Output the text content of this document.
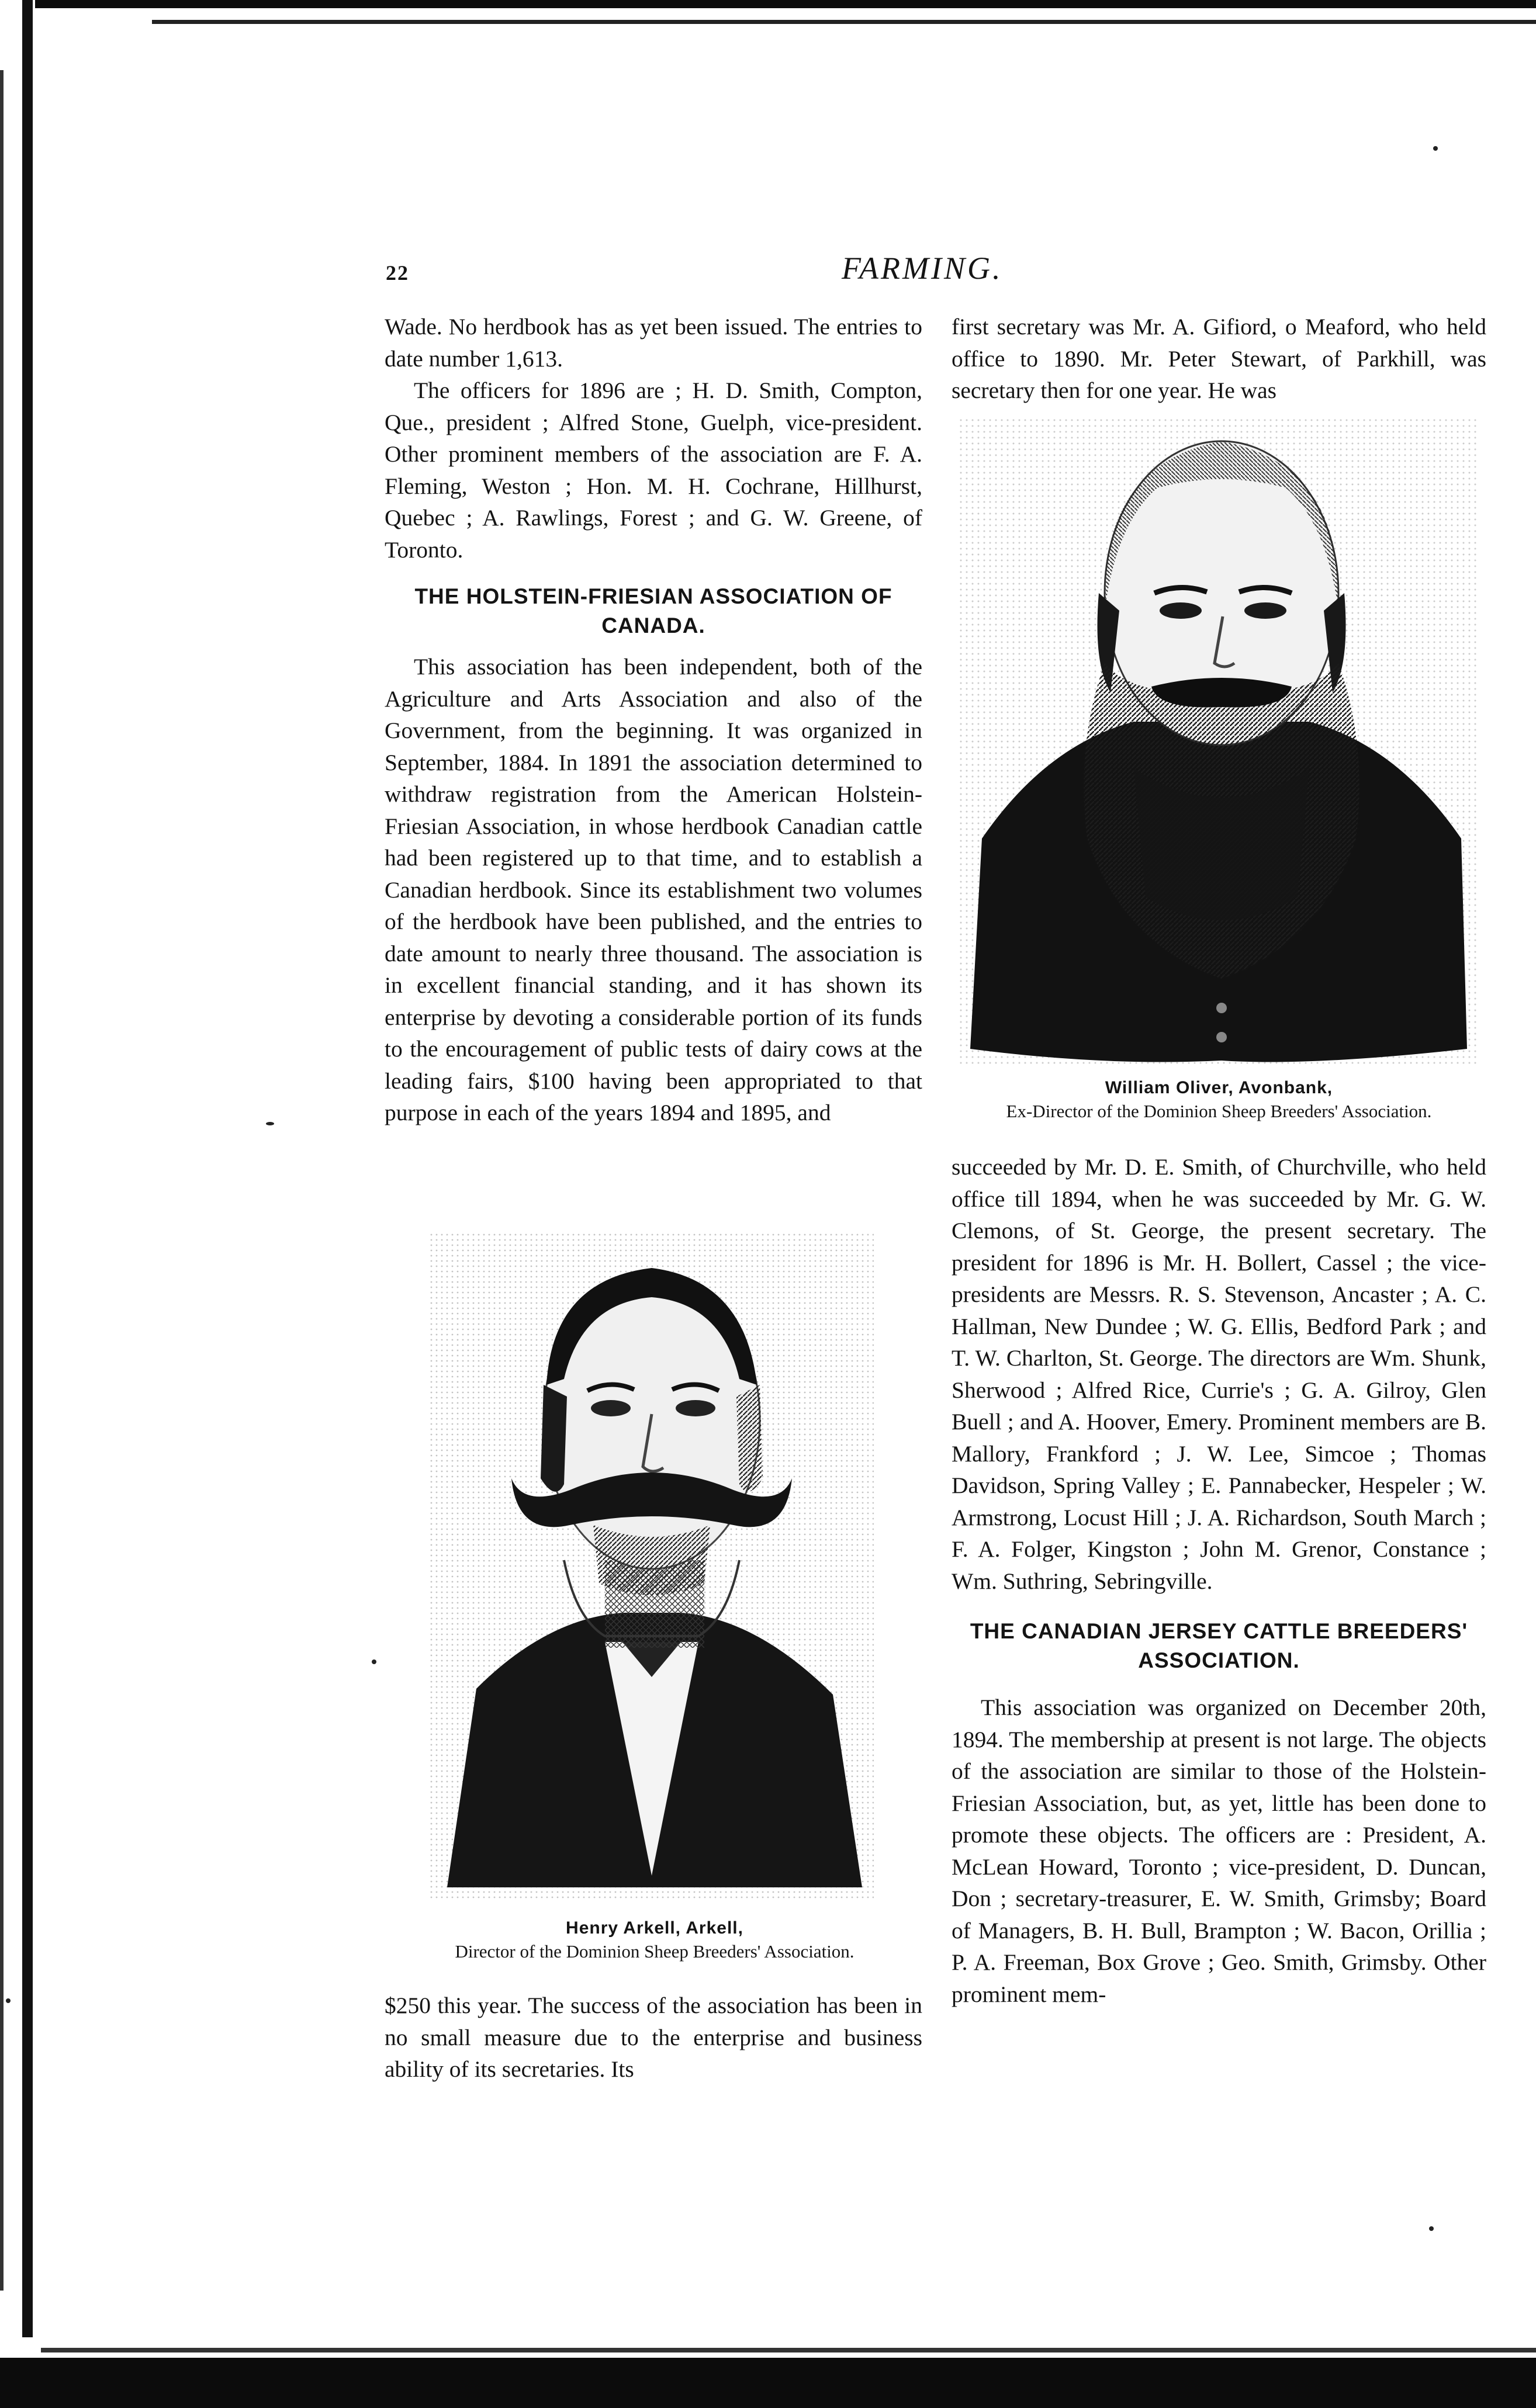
22	FARMING.

Wade. No herdbook has as yet been issued. The entries to date number 1,613.

The officers for 1896 are ; H. D. Smith, Compton, Que., president ; Alfred Stone, Guelph, vice-president. Other prominent members of the association are F. A. Fleming, Weston ; Hon. M. H. Cochrane, Hillhurst, Quebec ; A. Rawlings, Forest ; and G. W. Greene, of Toronto.

THE HOLSTEIN-FRIESIAN ASSOCIATION OF CANADA.

This association has been independent, both of the Agriculture and Arts Association and also of the Government, from the beginning. It was organized in September, 1884. In 1891 the association determined to withdraw registration from the American Holstein-Friesian Association, in whose herdbook Canadian cattle had been registered up to that time, and to establish a Canadian herdbook. Since its establishment two volumes of the herdbook have been published, and the entries to date amount to nearly three thousand. The association is in excellent financial standing, and it has shown its enterprise by devoting a considerable portion of its funds to the encouragement of public tests of dairy cows at the leading fairs, $100 having been appropriated to that purpose in each of the years 1894 and 1895, and

Henry Arkell, Arkell,
Director of the Dominion Sheep Breeders' Association.

$250 this year. The success of the association has been in no small measure due to the enterprise and business ability of its secretaries. Its

first secretary was Mr. A. Gifiord, o Meaford, who held office to 1890. Mr. Peter Stewart, of Parkhill, was secretary then for one year. He was

William Oliver, Avonbank,
Ex-Director of the Dominion Sheep Breeders' Association.

succeeded by Mr. D. E. Smith, of Churchville, who held office till 1894, when he was succeeded by Mr. G. W. Clemons, of St. George, the present secretary. The president for 1896 is Mr. H. Bollert, Cassel ; the vice-presidents are Messrs. R. S. Stevenson, Ancaster ; A. C. Hallman, New Dundee ; W. G. Ellis, Bedford Park ; and T. W. Charlton, St. George. The directors are Wm. Shunk, Sherwood ; Alfred Rice, Currie's ; G. A. Gilroy, Glen Buell ; and A. Hoover, Emery. Prominent members are B. Mallory, Frankford ; J. W. Lee, Simcoe ; Thomas Davidson, Spring Valley ; E. Pannabecker, Hespeler ; W. Armstrong, Locust Hill ; J. A. Richardson, South March ; F. A. Folger, Kingston ; John M. Grenor, Constance ; Wm. Suthring, Sebringville.

THE CANADIAN JERSEY CATTLE BREEDERS' ASSOCIATION.

This association was organized on December 20th, 1894. The membership at present is not large. The objects of the association are similar to those of the Holstein-Friesian Association, but, as yet, little has been done to promote these objects. The officers are : President, A. McLean Howard, Toronto ; vice-president, D. Duncan, Don ; secretary-treasurer, E. W. Smith, Grimsby; Board of Managers, B. H. Bull, Brampton ; W. Bacon, Orillia ; P. A. Freeman, Box Grove ; Geo. Smith, Grimsby. Other prominent mem-
